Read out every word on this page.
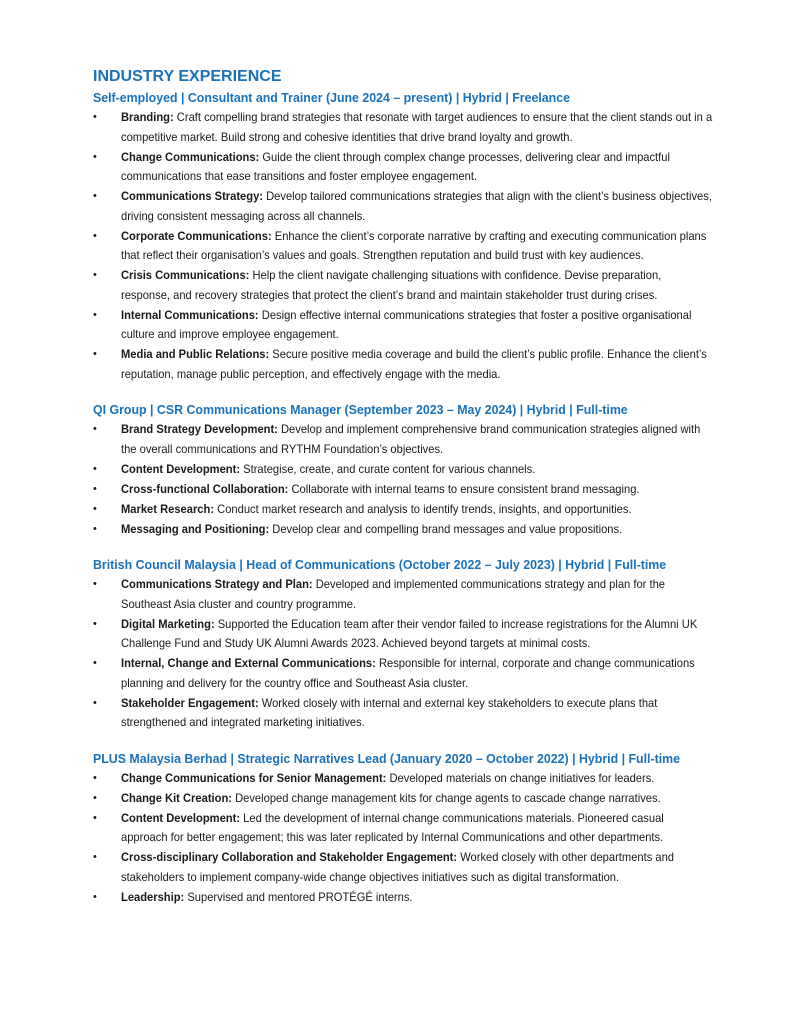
INDUSTRY EXPERIENCE
Self-employed | Consultant and Trainer (June 2024 – present) | Hybrid | Freelance
• Branding: Craft compelling brand strategies that resonate with target audiences to ensure that the client stands out in a competitive market. Build strong and cohesive identities that drive brand loyalty and growth.
• Change Communications: Guide the client through complex change processes, delivering clear and impactful communications that ease transitions and foster employee engagement.
• Communications Strategy: Develop tailored communications strategies that align with the client’s business objectives, driving consistent messaging across all channels.
• Corporate Communications: Enhance the client’s corporate narrative by crafting and executing communication plans that reflect their organisation’s values and goals. Strengthen reputation and build trust with key audiences.
• Crisis Communications: Help the client navigate challenging situations with confidence. Devise preparation, response, and recovery strategies that protect the client’s brand and maintain stakeholder trust during crises.
• Internal Communications: Design effective internal communications strategies that foster a positive organisational culture and improve employee engagement.
• Media and Public Relations: Secure positive media coverage and build the client’s public profile. Enhance the client’s reputation, manage public perception, and effectively engage with the media.
QI Group | CSR Communications Manager (September 2023 – May 2024) | Hybrid | Full-time
• Brand Strategy Development: Develop and implement comprehensive brand communication strategies aligned with the overall communications and RYTHM Foundation’s objectives.
• Content Development: Strategise, create, and curate content for various channels.
• Cross-functional Collaboration: Collaborate with internal teams to ensure consistent brand messaging.
• Market Research: Conduct market research and analysis to identify trends, insights, and opportunities.
• Messaging and Positioning: Develop clear and compelling brand messages and value propositions.
British Council Malaysia | Head of Communications (October 2022 – July 2023) | Hybrid | Full-time
• Communications Strategy and Plan: Developed and implemented communications strategy and plan for the Southeast Asia cluster and country programme.
• Digital Marketing: Supported the Education team after their vendor failed to increase registrations for the Alumni UK Challenge Fund and Study UK Alumni Awards 2023. Achieved beyond targets at minimal costs.
• Internal, Change and External Communications: Responsible for internal, corporate and change communications planning and delivery for the country office and Southeast Asia cluster.
• Stakeholder Engagement: Worked closely with internal and external key stakeholders to execute plans that strengthened and integrated marketing initiatives.
PLUS Malaysia Berhad | Strategic Narratives Lead (January 2020 – October 2022) | Hybrid | Full-time
• Change Communications for Senior Management: Developed materials on change initiatives for leaders.
• Change Kit Creation: Developed change management kits for change agents to cascade change narratives.
• Content Development: Led the development of internal change communications materials. Pioneered casual approach for better engagement; this was later replicated by Internal Communications and other departments.
• Cross-disciplinary Collaboration and Stakeholder Engagement: Worked closely with other departments and stakeholders to implement company-wide change objectives initiatives such as digital transformation.
• Leadership: Supervised and mentored PROTÉGÉ interns.
